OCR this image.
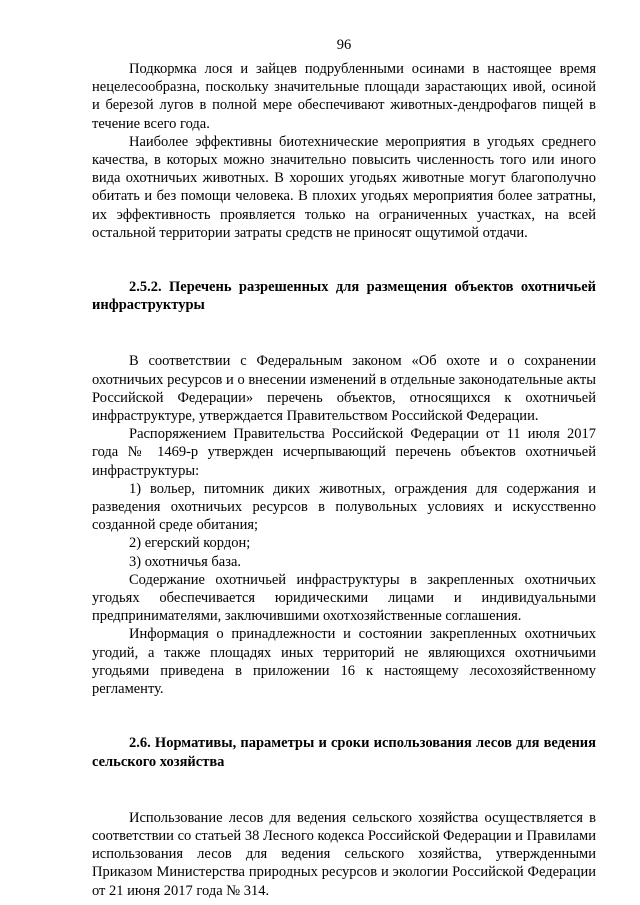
96

Подкормка лося и зайцев подрубленными осинами в настоящее время нецелесообразна, поскольку значительные площади зарастающих ивой, осиной и березой лугов в полной мере обеспечивают животных-дендрофагов пищей в течение всего года.

Наиболее эффективны биотехнические мероприятия в угодьях среднего качества, в которых можно значительно повысить численность того или иного вида охотничьих животных. В хороших угодьях животные могут благополучно обитать и без помощи человека. В плохих угодьях мероприятия более затратны, их эффективность проявляется только на ограниченных участках, на всей остальной территории затраты средств не приносят ощутимой отдачи.

2.5.2. Перечень разрешенных для размещения объектов охотничьей инфраструктуры

В соответствии с Федеральным законом «Об охоте и о сохранении охотничьих ресурсов и о внесении изменений в отдельные законодательные акты Российской Федерации» перечень объектов, относящихся к охотничьей инфраструктуре, утверждается Правительством Российской Федерации.

Распоряжением Правительства Российской Федерации от 11 июля 2017 года № 1469-р утвержден исчерпывающий перечень объектов охотничьей инфраструктуры:

1) вольер, питомник диких животных, ограждения для содержания и разведения охотничьих ресурсов в полувольных условиях и искусственно созданной среде обитания;

2) егерский кордон;

3) охотничья база.

Содержание охотничьей инфраструктуры в закрепленных охотничьих угодьях обеспечивается юридическими лицами и индивидуальными предпринимателями, заключившими охотхозяйственные соглашения.

Информация о принадлежности и состоянии закрепленных охотничьих угодий, а также площадях иных территорий не являющихся охотничьими угодьями приведена в приложении 16 к настоящему лесохозяйственному регламенту.

2.6. Нормативы, параметры и сроки использования лесов для ведения сельского хозяйства

Использование лесов для ведения сельского хозяйства осуществляется в соответствии со статьей 38 Лесного кодекса Российской Федерации и Правилами использования лесов для ведения сельского хозяйства, утвержденными Приказом Министерства природных ресурсов и экологии Российской Федерации от 21 июня 2017 года № 314.
